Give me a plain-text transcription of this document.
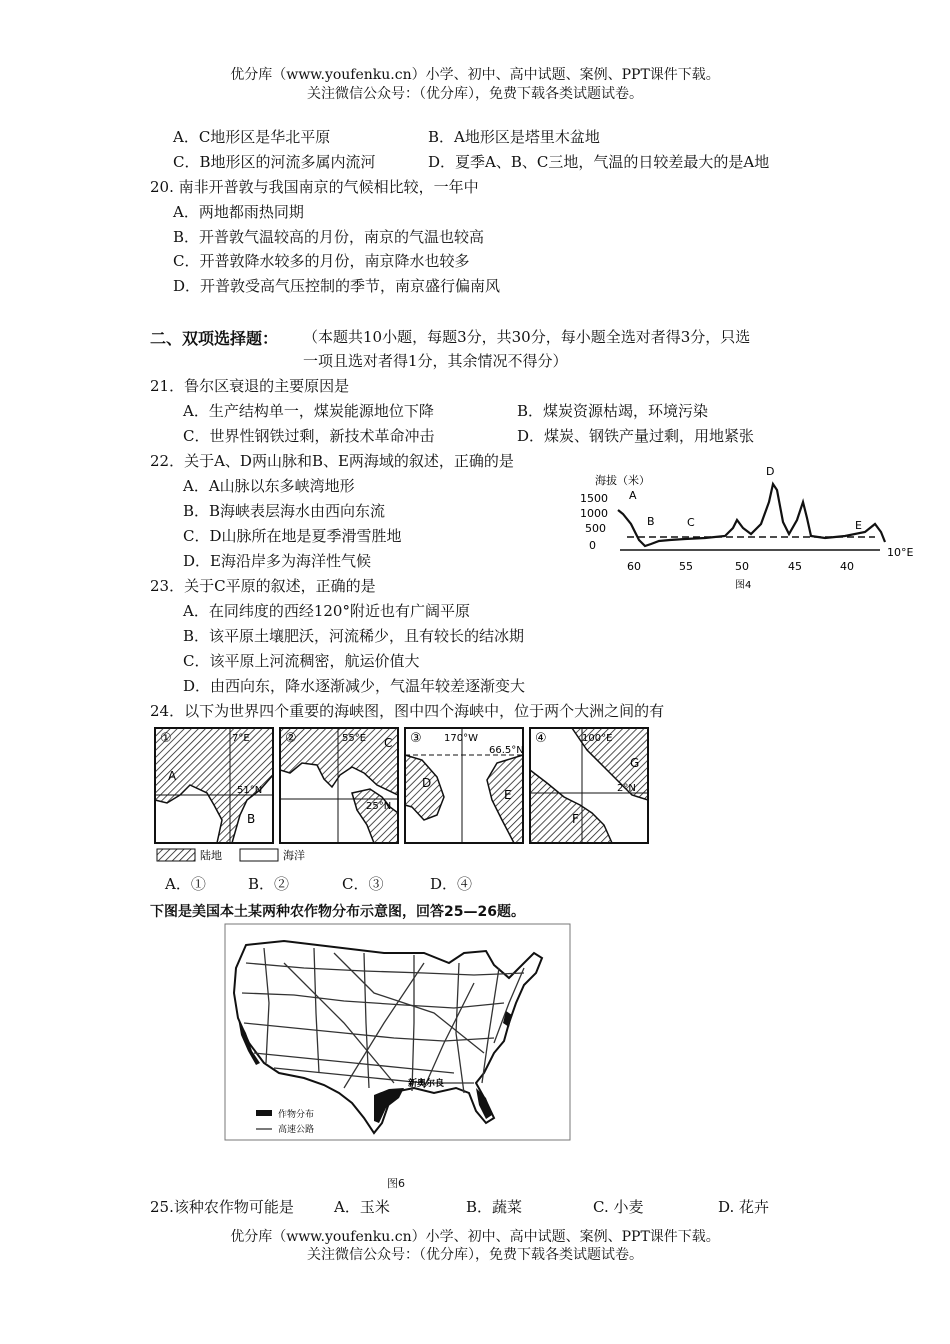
优分库（www.youfenku.cn）小学、初中、高中试题、案例、PPT课件下载。
关注微信公众号：（优分库），免费下载各类试题试卷。
A．C地形区是华北平原	B．A地形区是塔里木盆地
C．B地形区的河流多属内流河	D．夏季A、B、C三地，气温的日较差最大的是A地
20. 南非开普敦与我国南京的气候相比较，一年中
A．两地都雨热同期
B．开普敦气温较高的月份，南京的气温也较高
C．开普敦降水较多的月份，南京降水也较多
D．开普敦受高气压控制的季节，南京盛行偏南风
二、双项选择题： （本题共10小题，每题3分，共30分，每小题全选对者得3分，只选
一项且选对者得1分，其余情况不得分）
21．鲁尔区衰退的主要原因是
A．生产结构单一，煤炭能源地位下降	B．煤炭资源枯竭，环境污染
C．世界性钢铁过剩，新技术革命冲击	D．煤炭、钢铁产量过剩，用地紧张
22．关于A、D两山脉和B、E两海域的叙述，正确的是
A．A山脉以东多峡湾地形
B．B海峡表层海水由西向东流
C．D山脉所在地是夏季滑雪胜地
D．E海沿岸多为海洋性气候
海拔（米）
1500
1000
500
0
A
B	C
D
E
60	55	50	45	40
10°E
图4
23．关于C平原的叙述，正确的是
A．在同纬度的西经120°附近也有广阔平原
B．该平原土壤肥沃，河流稀少，且有较长的结冰期
C．该平原上河流稠密，航运价值大
D．由西向东，降水逐渐减少，气温年较差逐渐变大
24．以下为世界四个重要的海峡图，图中四个海峡中，位于两个大洲之间的有
①	7°E
51°N
A
B
②	55°E
25°N
C ③ 170°W
66.5°N
D
E
④	100°E
2°N
G
F
陆地	海洋
A．①	B．②	C．③	D．④
下图是美国本土某两种农作物分布示意图，回答25—26题。
新奥尔良
作物分布
高速公路
图6
25.该种农作物可能是	A．玉米	B．蔬菜	C. 小麦	D. 花卉
优分库（www.youfenku.cn）小学、初中、高中试题、案例、PPT课件下载。
关注微信公众号：（优分库），免费下载各类试题试卷。
